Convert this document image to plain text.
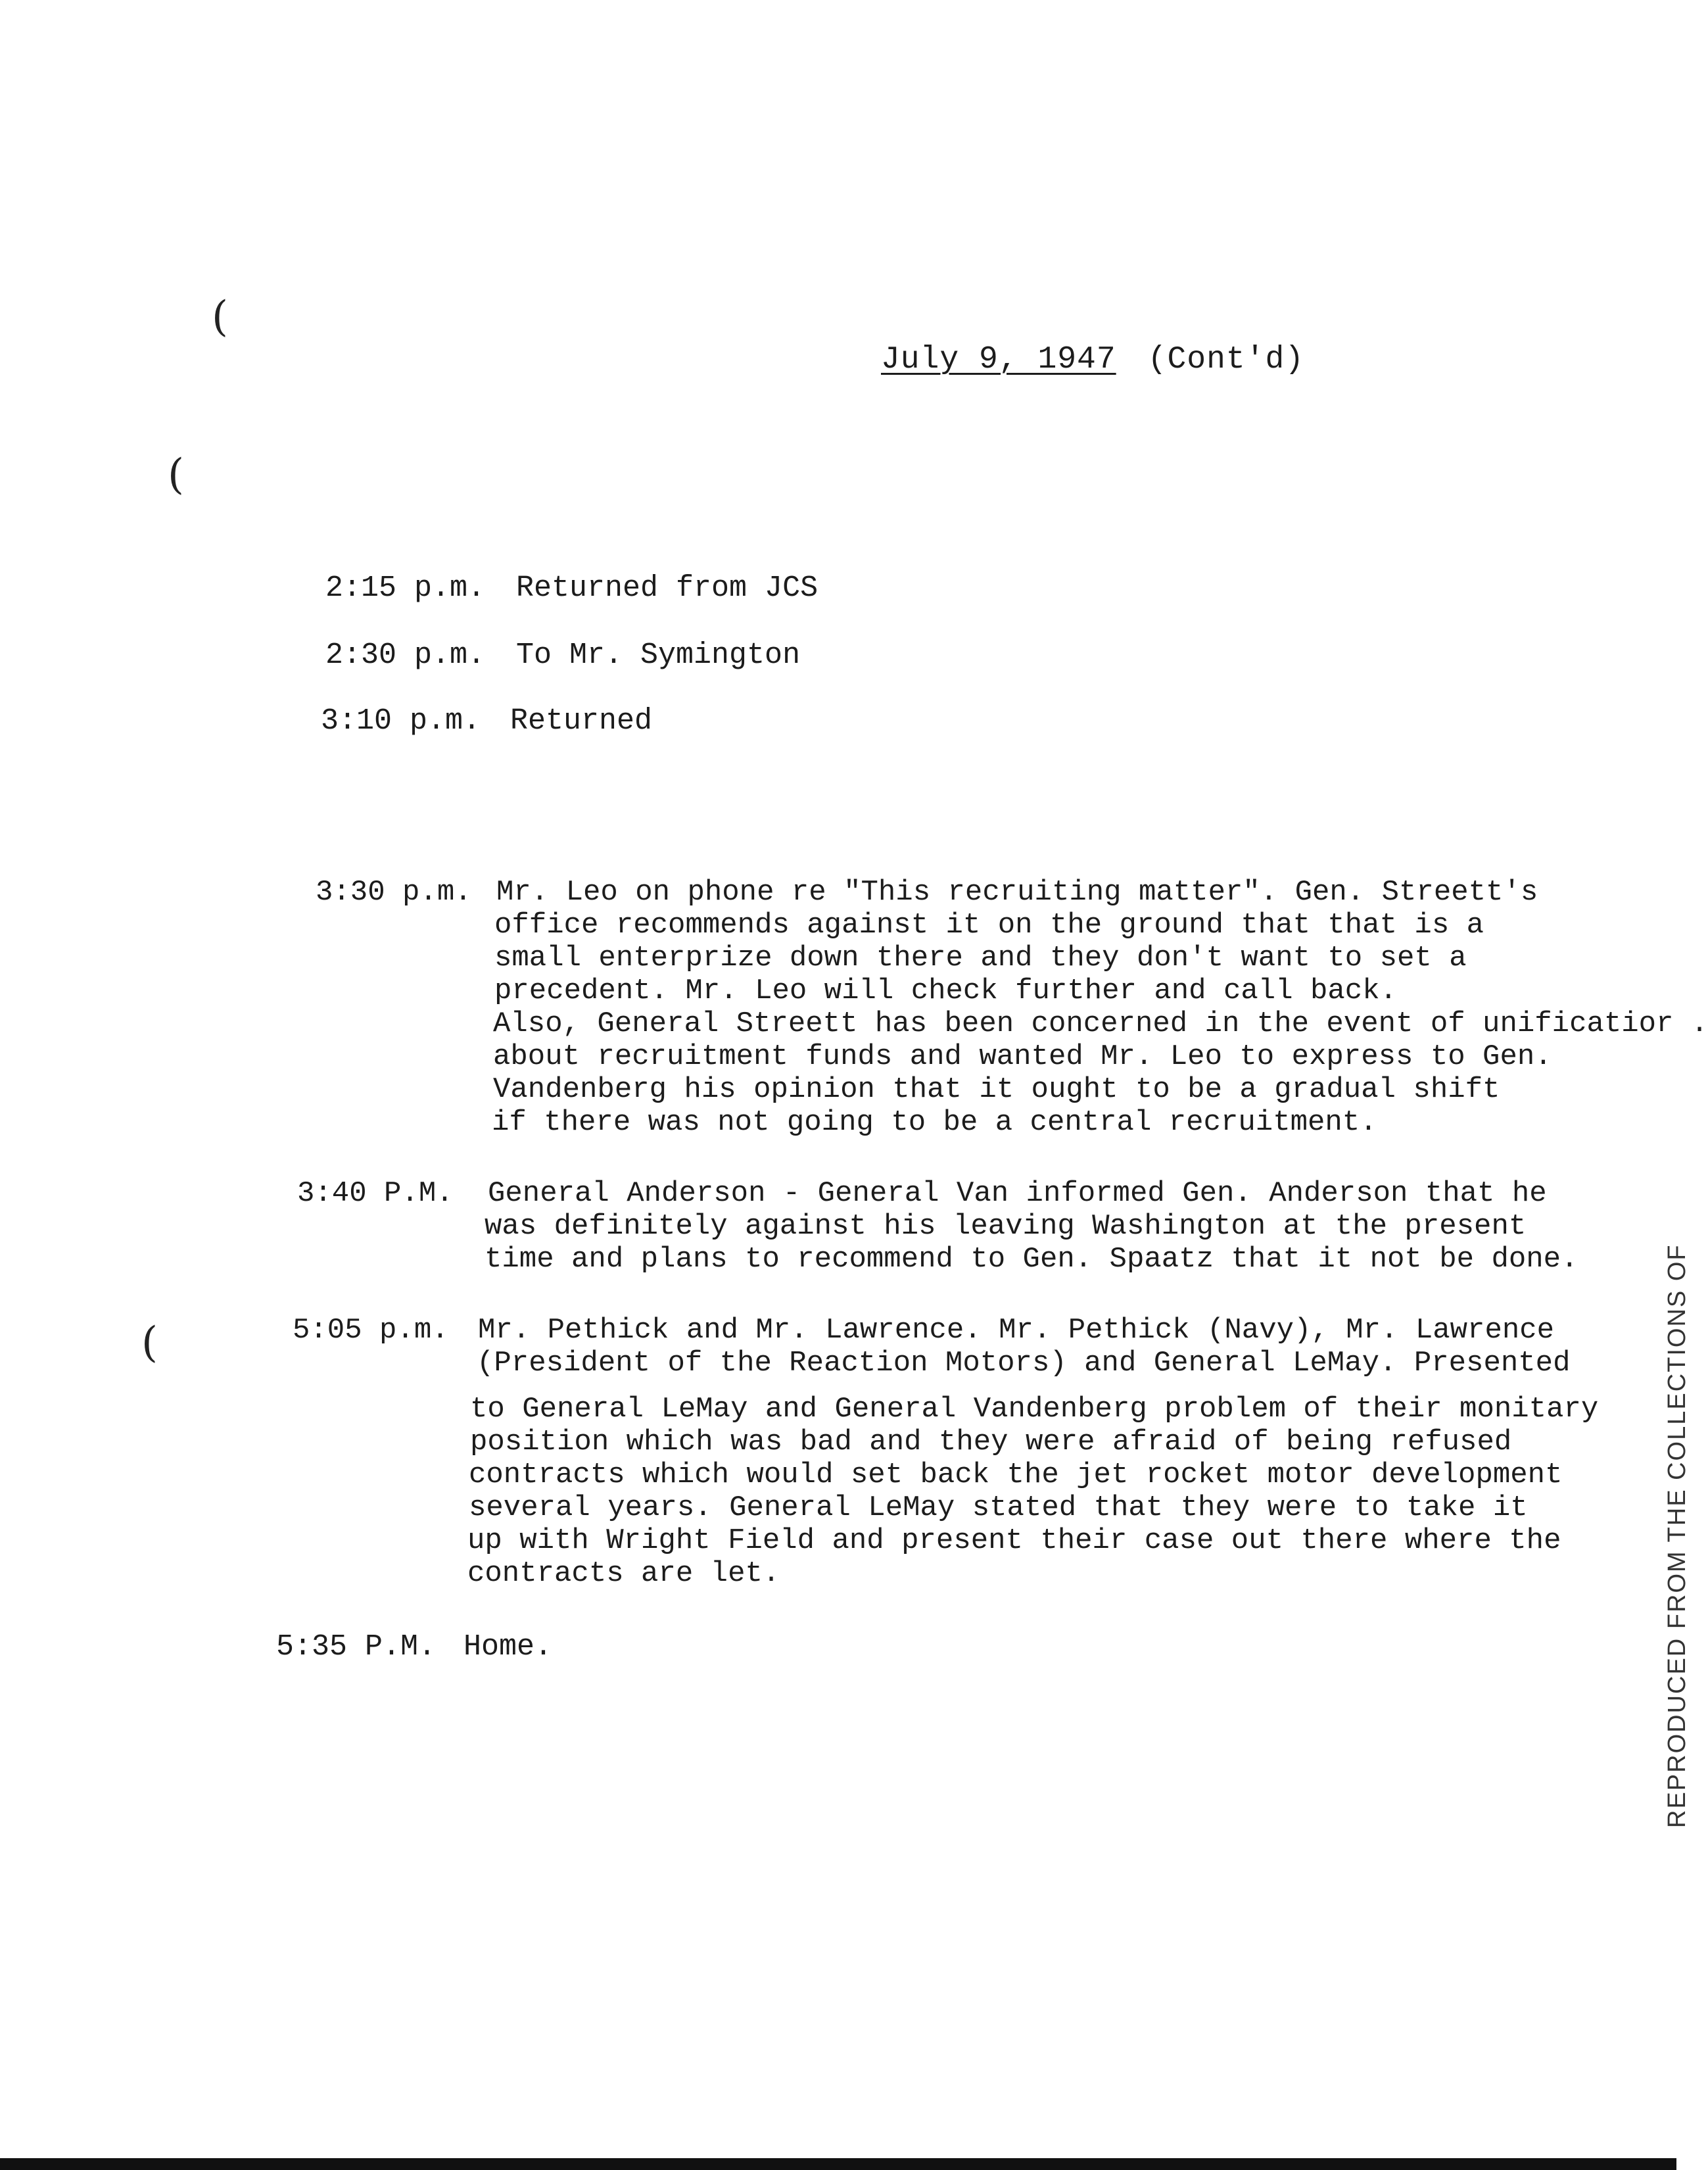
(
(
(
July 9, 1947 (Cont'd)
2:15 p.m. Returned from JCS
2:30 p.m. To Mr. Symington
3:10 p.m. Returned
3:30 p.m. Mr. Leo on phone re "This recruiting matter". Gen. Streett's
office recommends against it on the ground that that is a
small enterprize down there and they don't want to set a
precedent. Mr. Leo will check further and call back.
Also, General Streett has been concerned in the event of unificatior .
about recruitment funds and wanted Mr. Leo to express to Gen.
Vandenberg his opinion that it ought to be a gradual shift
if there was not going to be a central recruitment.
3:40 P.M. General Anderson - General Van informed Gen. Anderson that he
was definitely against his leaving Washington at the present
time and plans to recommend to Gen. Spaatz that it not be done.
5:05 p.m. Mr. Pethick and Mr. Lawrence. Mr. Pethick (Navy), Mr. Lawrence
(President of the Reaction Motors) and General LeMay. Presented
to General LeMay and General Vandenberg problem of their monitary
position which was bad and they were afraid of being refused
contracts which would set back the jet rocket motor development
several years. General LeMay stated that they were to take it
up with Wright Field and present their case out there where the
contracts are let.
5:35 P.M. Home.	REPRODUCED FROM THE COLLECTIONS OF
